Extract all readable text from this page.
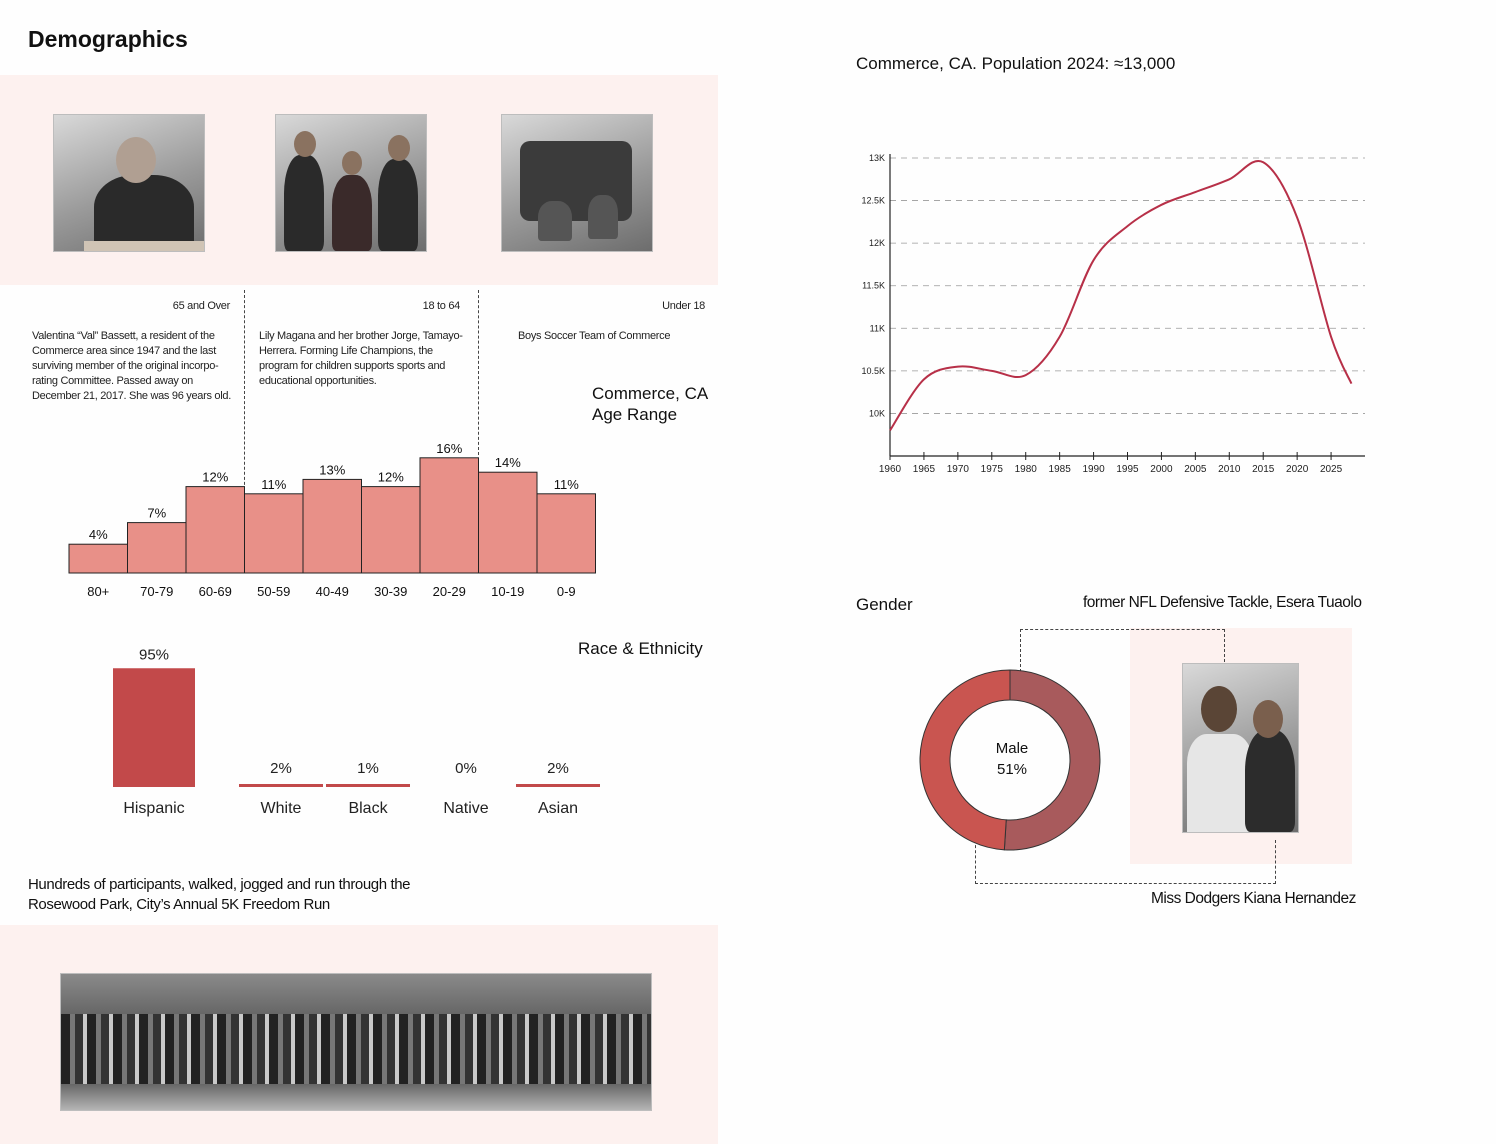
Demographics
65 and Over	18 to 64	Under 18
Valentina “Val” Bassett, a resident of the Commerce area since 1947 and the last surviving member of the original incorpo-rating Committee. Passed away on December 21, 2017. She was 96 years old.
Lily Magana and her brother Jorge, Tamayo-Herrera. Forming Life Champions, the program for children supports sports and educational opportunities.
Boys Soccer Team of Commerce
Commerce, CA
Age Range
4%
80+
7%
70-79
12%
60-69
11%
50-59
13%
40-49
12%
30-39
16%
20-29
14%
10-19
11%
0-9
Race & Ethnicity
95%
Hispanic
2%
White
1%
Black
0%
Native
2%
Asian
Hundreds of participants, walked, jogged and run through the
Rosewood Park, City’s Annual 5K Freedom Run
Commerce, CA. Population 2024: ≈13,000
10K
10.5K
11K
11.5K
12K
12.5K
13K
1960 1965 1970 1975 1980 1985 1990 1995 2000 2005 2010 2015 2020 2025
Gender	former NFL Defensive Tackle, Esera Tuaolo
Miss Dodgers Kiana Hernandez
Male
51%
